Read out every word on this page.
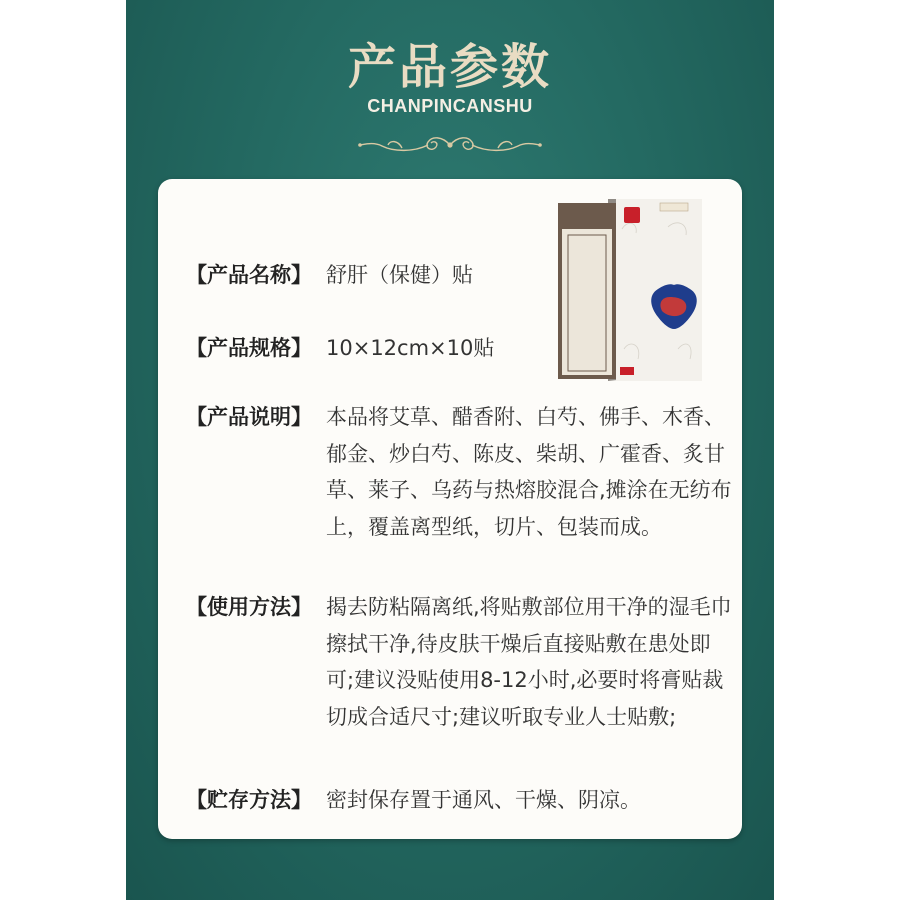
产品参数
CHANPINCANSHU
【产品名称】 舒肝（保健）贴
【产品规格】 10×12cm×10贴
【产品说明】 本品将艾草、醋香附、白芍、佛手、木香、郁金、炒白芍、陈皮、柴胡、广霍香、炙甘草、莱子、乌药与热熔胶混合,摊涂在无纺布上，覆盖离型纸，切片、包装而成。
【使用方法】 揭去防粘隔离纸,将贴敷部位用干净的湿毛巾擦拭干净,待皮肤干燥后直接贴敷在患处即可;建议没贴使用8-12小时,必要时将膏贴裁切成合适尺寸;建议听取专业人士贴敷;
【贮存方法】 密封保存置于通风、干燥、阴凉。
